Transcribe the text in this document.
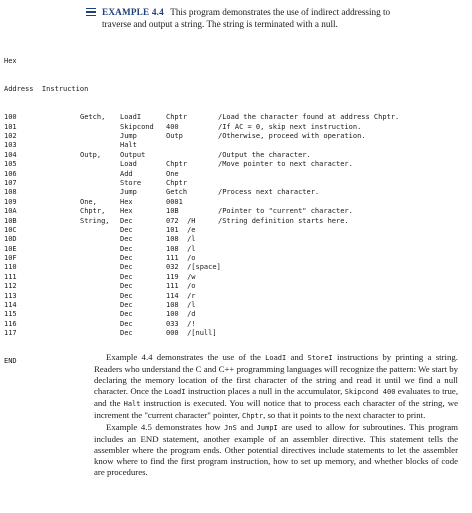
EXAMPLE 4.4 This program demonstrates the use of indirect addressing to
traverse and output a string. The string is terminated with a null.

Hex

Address  Instruction

100	Getch, LoadI	Chptr	/Load the character found at address Chptr.
101	Skipcond 400	/If AC = 0, skip next instruction.
102	Jump	Outp	/Otherwise, proceed with operation.
103	Halt
104	Outp,	Output	/Output the character.
105	Load	Chptr	/Move pointer to next character.
106	Add	One
107	Store	Chptr
108	Jump	Getch	/Process next character.
109	One,	Hex	0001
10A	Chptr, Hex	10B	/Pointer to "current" character.
10B	String, Dec	072  /H	/String definition starts here.
10C	Dec	101  /e
10D	Dec	108  /l
10E	Dec	108  /l
10F	Dec	111  /o
110	Dec	032  /[space]
111	Dec	119  /w
112	Dec	111  /o
113	Dec	114  /r
114	Dec	108  /l
115	Dec	100  /d
116	Dec	033  /!
117	Dec	000  /[null]

END	Example 4.4 demonstrates the use of the LoadI and StoreI instructions by printing a string. Readers who understand the C and C++ programming languages will recognize the pattern: We start by declaring the memory location of the first character of the string and read it until we find a null character. Once the LoadI instruction places a null in the accumulator, Skipcond 400 evaluates to true, and the Halt instruction is executed. You will notice that to process each character of the string, we increment the "current character" pointer, Chptr, so that it points to the next character to print.

Example 4.5 demonstrates how JnS and JumpI are used to allow for subroutines. This program includes an END statement, another example of an assembler directive. This statement tells the assembler where the program ends. Other potential directives include statements to let the assembler know where to find the first program instruction, how to set up memory, and whether blocks of code are procedures.
